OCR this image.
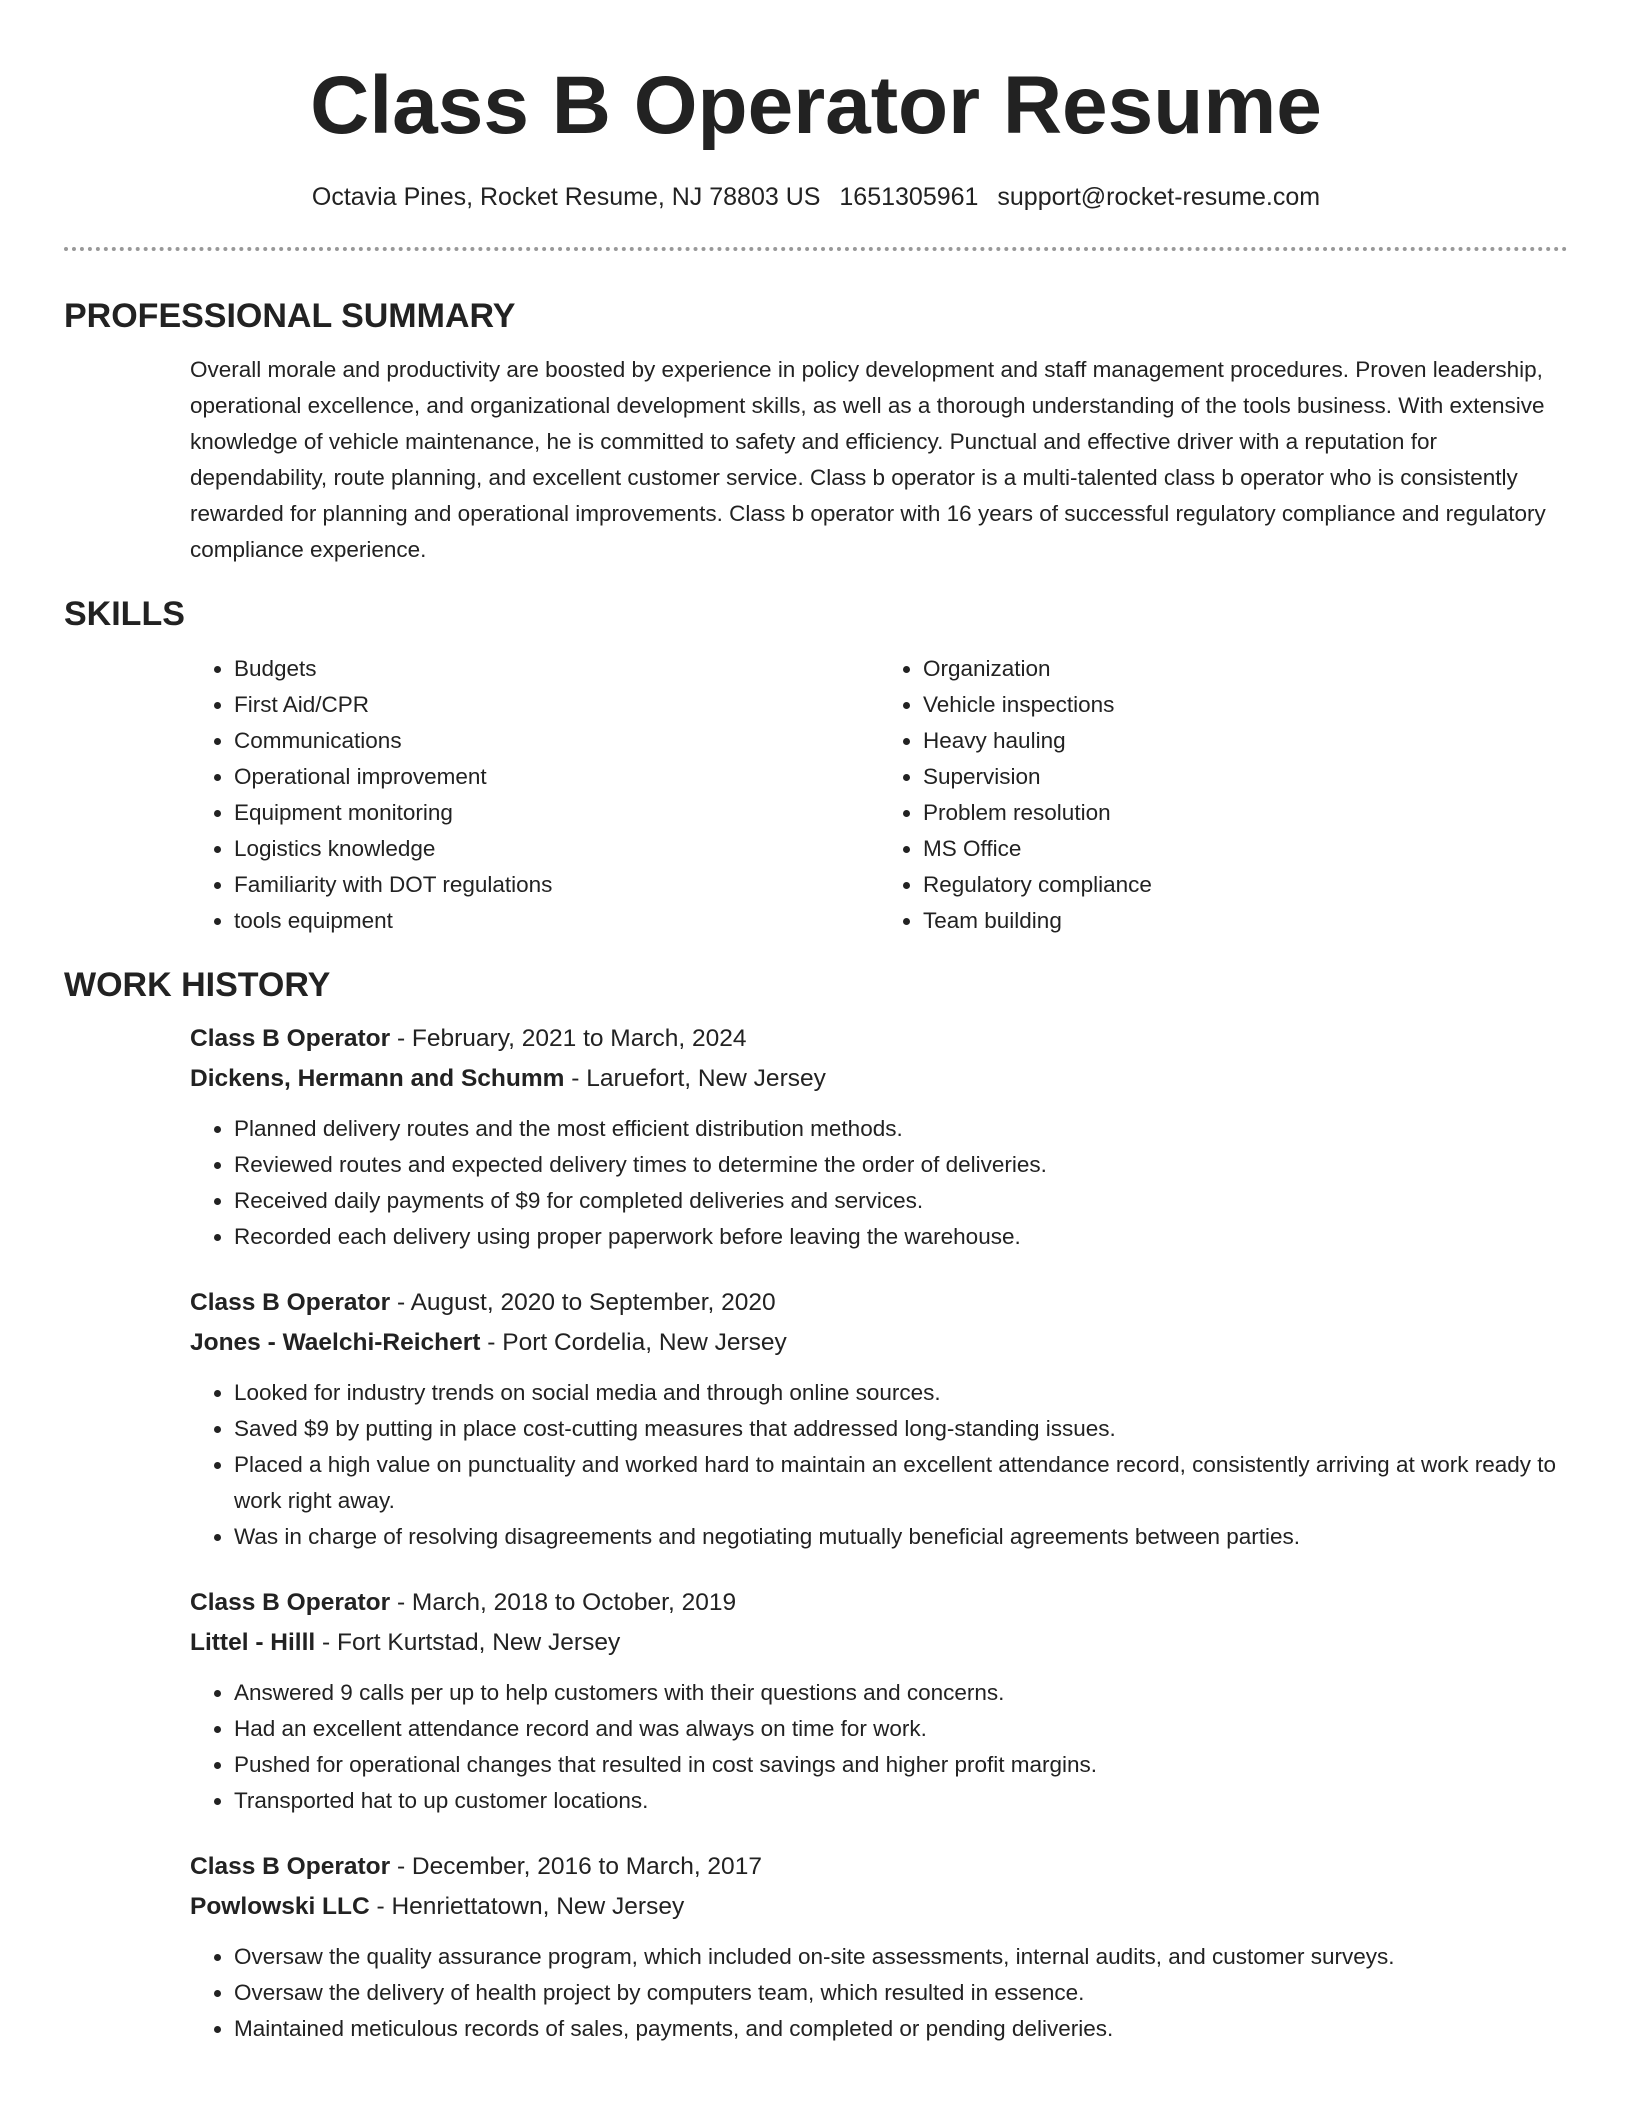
Class B Operator Resume
Octavia Pines, Rocket Resume, NJ 78803 US 1651305961 support@rocket-resume.com
PROFESSIONAL SUMMARY

Overall morale and productivity are boosted by experience in policy development and staff management procedures. Proven leadership, operational excellence, and organizational development skills, as well as a thorough understanding of the tools business. With extensive knowledge of vehicle maintenance, he is committed to safety and efficiency. Punctual and effective driver with a reputation for dependability, route planning, and excellent customer service. Class b operator is a multi-talented class b operator who is consistently rewarded for planning and operational improvements. Class b operator with 16 years of successful regulatory compliance and regulatory compliance experience.

SKILLS
• Budgets
• First Aid/CPR
• Communications
• Operational improvement
• Equipment monitoring
• Logistics knowledge
• Familiarity with DOT regulations
• tools equipment
• Organization
• Vehicle inspections
• Heavy hauling
• Supervision
• Problem resolution
• MS Office
• Regulatory compliance
• Team building
WORK HISTORY
Class B Operator - February, 2021 to March, 2024
Dickens, Hermann and Schumm - Laruefort, New Jersey
• Planned delivery routes and the most efficient distribution methods.
• Reviewed routes and expected delivery times to determine the order of deliveries.
• Received daily payments of $9 for completed deliveries and services.
• Recorded each delivery using proper paperwork before leaving the warehouse.
Class B Operator - August, 2020 to September, 2020
Jones - Waelchi-Reichert - Port Cordelia, New Jersey
• Looked for industry trends on social media and through online sources.
• Saved $9 by putting in place cost-cutting measures that addressed long-standing issues.
• Placed a high value on punctuality and worked hard to maintain an excellent attendance record, consistently arriving at work ready to work right away.
• Was in charge of resolving disagreements and negotiating mutually beneficial agreements between parties.
Class B Operator - March, 2018 to October, 2019
Littel - Hilll - Fort Kurtstad, New Jersey
• Answered 9 calls per up to help customers with their questions and concerns.
• Had an excellent attendance record and was always on time for work.
• Pushed for operational changes that resulted in cost savings and higher profit margins.
• Transported hat to up customer locations.
Class B Operator - December, 2016 to March, 2017
Powlowski LLC - Henriettatown, New Jersey
• Oversaw the quality assurance program, which included on-site assessments, internal audits, and customer surveys.
• Oversaw the delivery of health project by computers team, which resulted in essence.
• Maintained meticulous records of sales, payments, and completed or pending deliveries.
